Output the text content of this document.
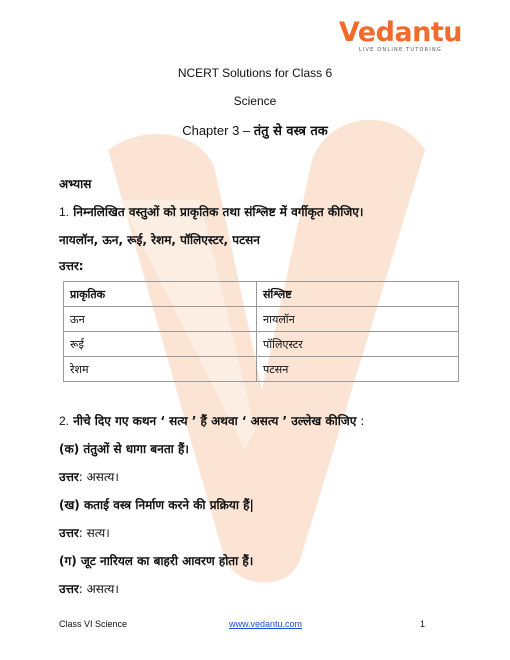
Vedantu
LIVE ONLINE TUTORING
NCERT Solutions for Class 6
Science
Chapter 3 – तंतु से वस्त्र तक
अभ्यास
1. निम्नलिखित वस्तुओं को प्राकृतिक तथा संश्लिष्ट में वर्गीकृत कीजिए।
नायलॉन, ऊन, रूई, रेशम, पॉलिएस्टर, पटसन
उत्तर:
प्राकृतिक	संश्लिष्ट
ऊन	नायलॉन
रूई	पॉलिएस्टर
रेशम	पटसन
2. नीचे दिए गए कथन ‘ सत्य ’ हैं अथवा ‘ असत्य ’ उल्लेख कीजिए :
(क) तंतुओं से धागा बनता हैं।
उत्तर: असत्य।
(ख) कताई वस्त्र निर्माण करने की प्रक्रिया हैं|
उत्तर: सत्य।
(ग) जूट नारियल का बाहरी आवरण होता हैं।
उत्तर: असत्य।
Class VI Science	www.vedantu.com	1
